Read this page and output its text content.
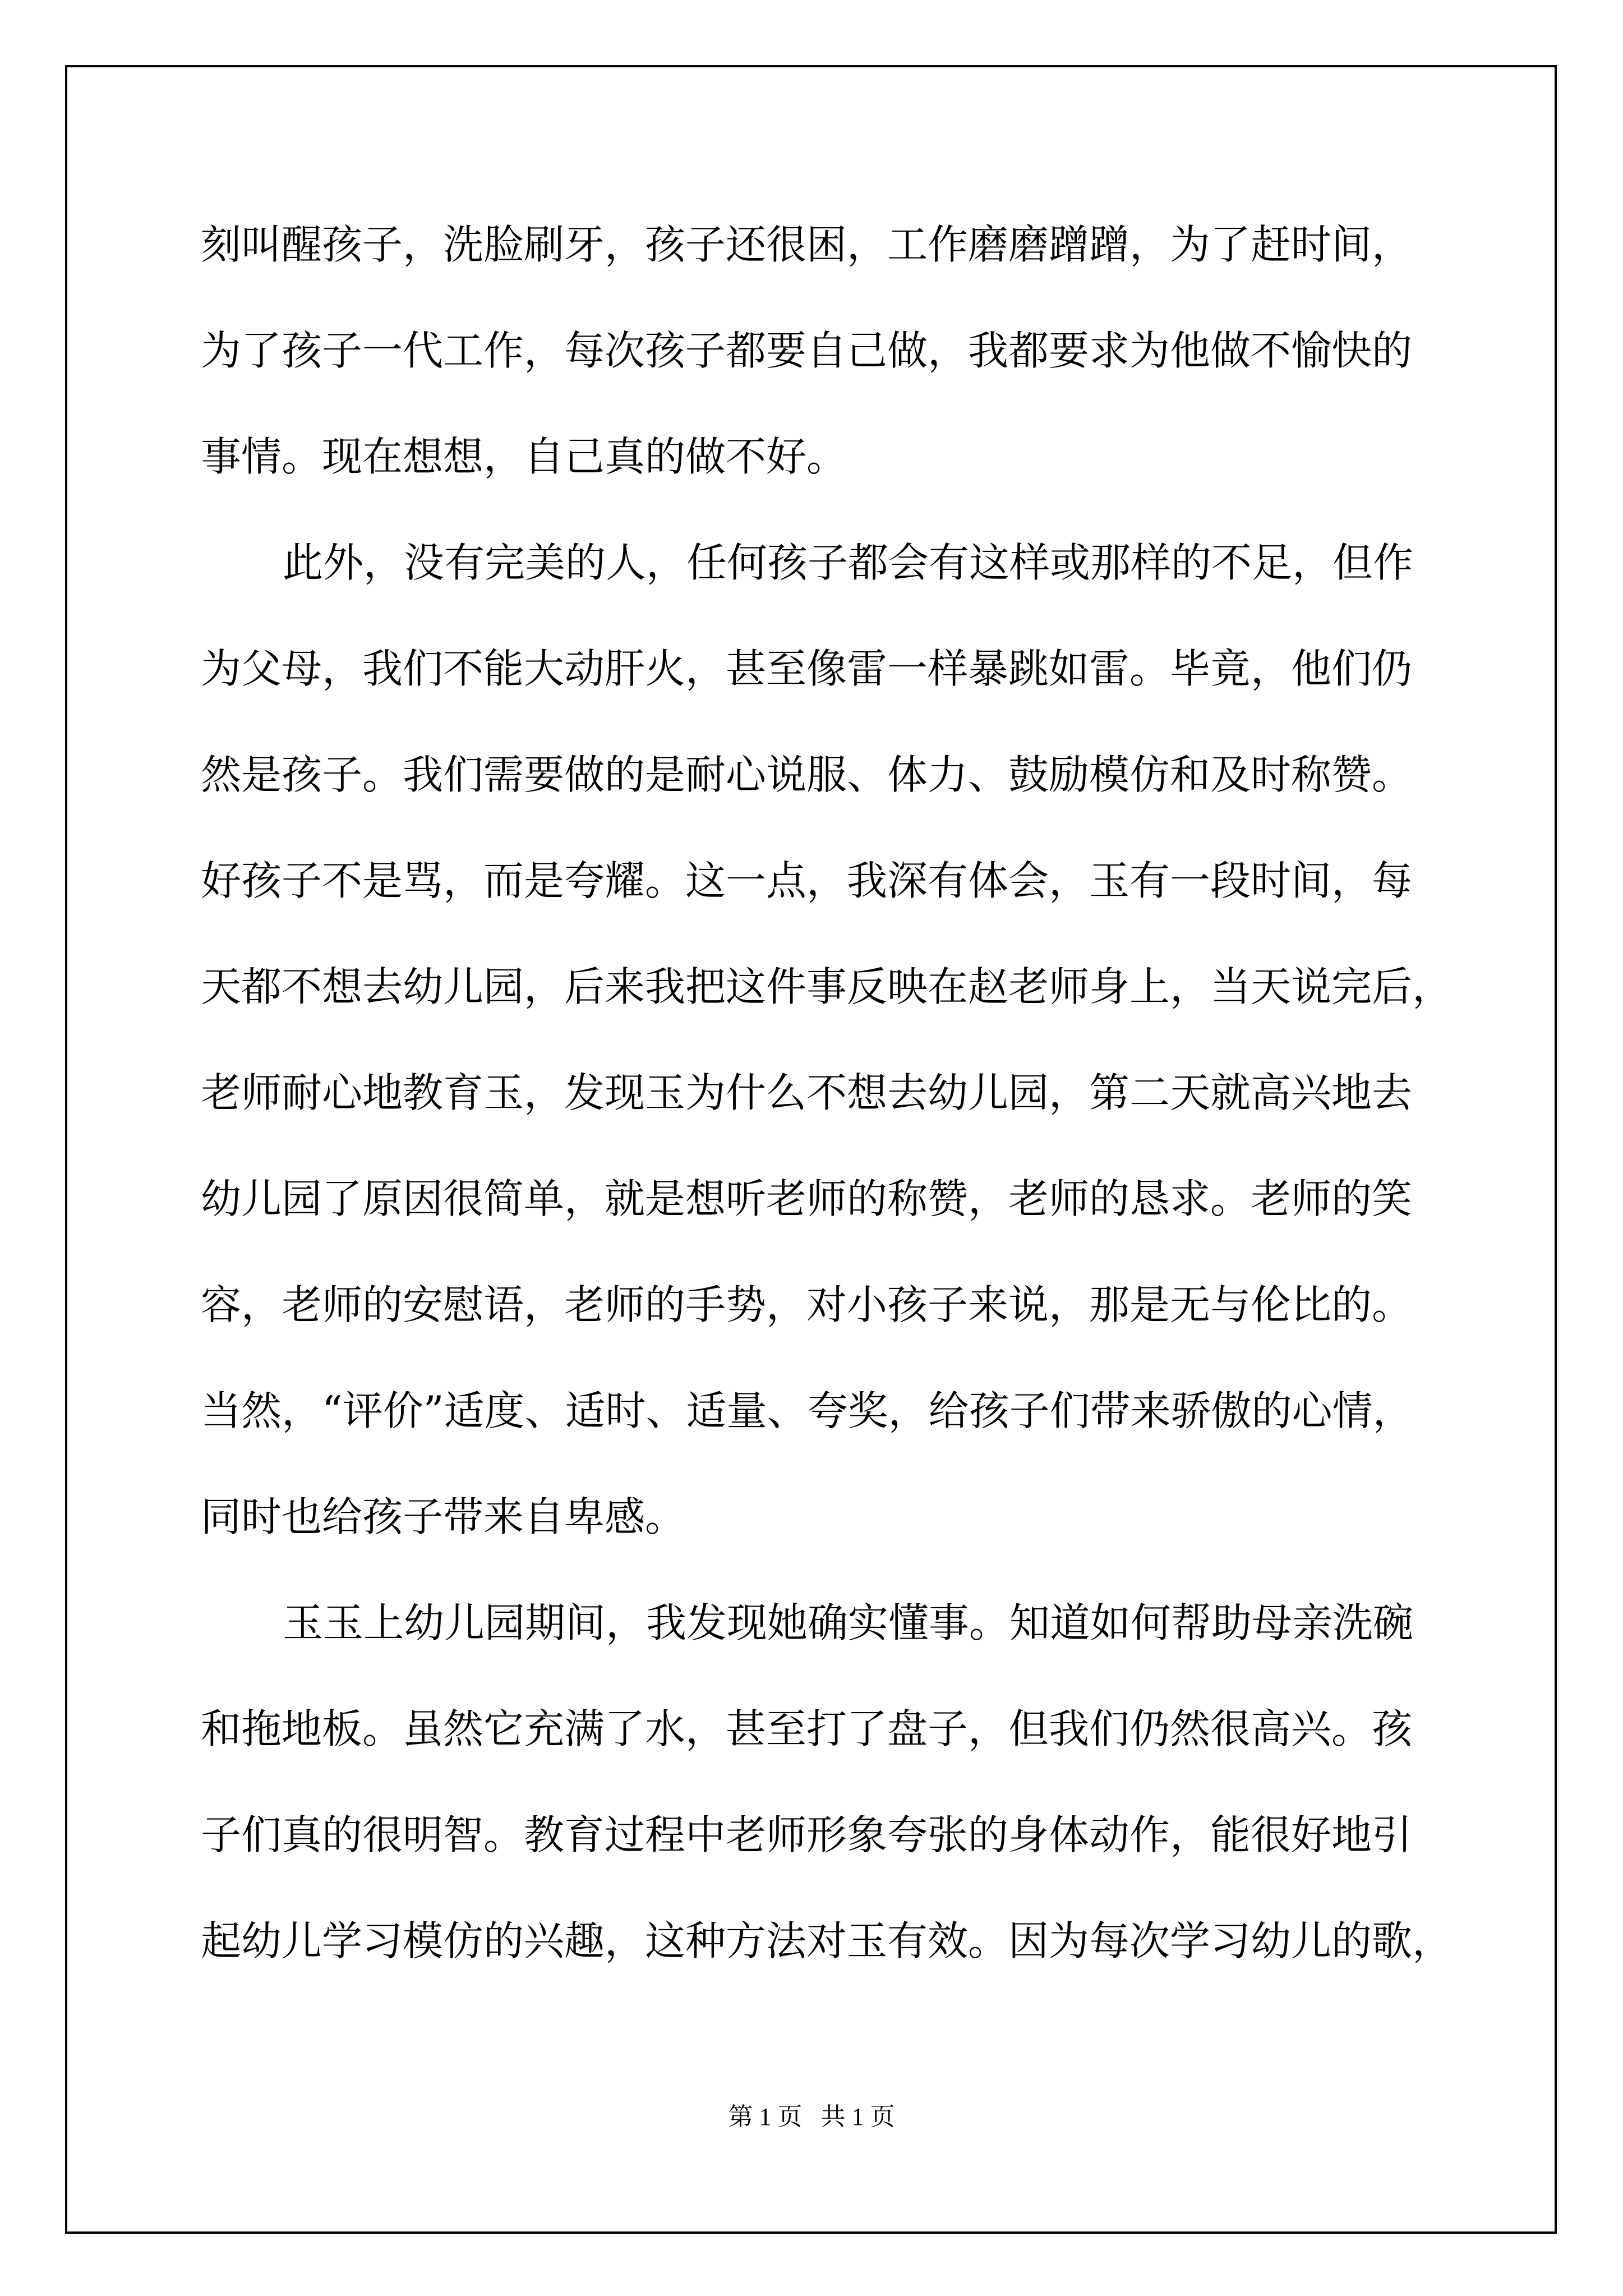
刻叫醒孩子，洗脸刷牙，孩子还很困，工作磨磨蹭蹭，为了赶时间，
为了孩子一代工作，每次孩子都要自己做，我都要求为他做不愉快的
事情。现在想想，自己真的做不好。
此外，没有完美的人，任何孩子都会有这样或那样的不足，但作
为父母，我们不能大动肝火，甚至像雷一样暴跳如雷。毕竟，他们仍
然是孩子。我们需要做的是耐心说服、体力、鼓励模仿和及时称赞。
好孩子不是骂，而是夸耀。这一点，我深有体会，玉有一段时间，每
天都不想去幼儿园，后来我把这件事反映在赵老师身上，当天说完后，
老师耐心地教育玉，发现玉为什么不想去幼儿园，第二天就高兴地去
幼儿园了原因很简单，就是想听老师的称赞，老师的恳求。老师的笑
容，老师的安慰语，老师的手势，对小孩子来说，那是无与伦比的。
当然，“评价”适度、适时、适量、夸奖，给孩子们带来骄傲的心情，
同时也给孩子带来自卑感。
玉玉上幼儿园期间，我发现她确实懂事。知道如何帮助母亲洗碗
和拖地板。虽然它充满了水，甚至打了盘子，但我们仍然很高兴。孩
子们真的很明智。教育过程中老师形象夸张的身体动作，能很好地引
起幼儿学习模仿的兴趣，这种方法对玉有效。因为每次学习幼儿的歌，
第 1 页   共 1 页
